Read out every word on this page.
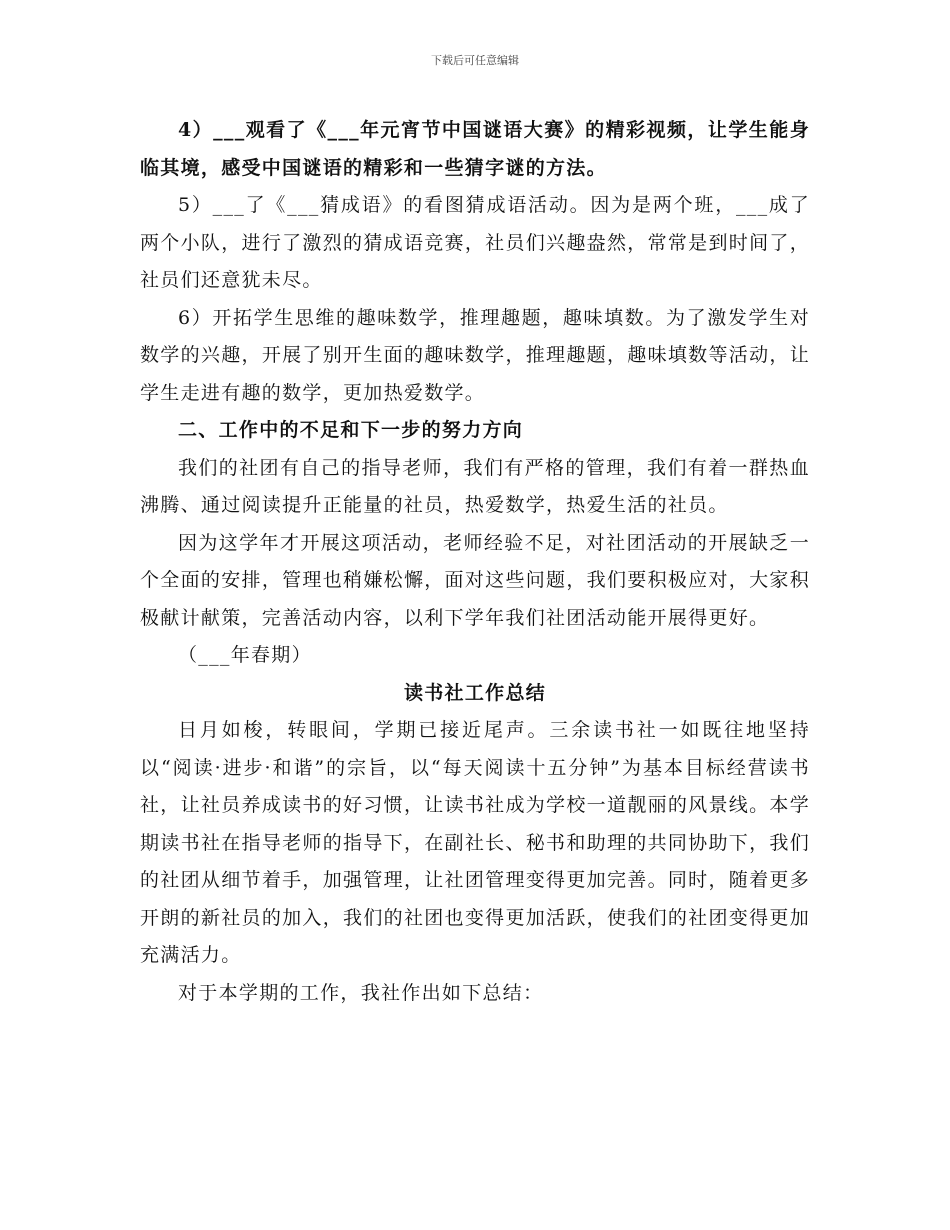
下载后可任意编辑

4）___观看了《___年元宵节中国谜语大赛》的精彩视频，让学生能身临其境，感受中国谜语的精彩和一些猜字谜的方法。

5）___了《___猜成语》的看图猜成语活动。因为是两个班，___成了两个小队，进行了激烈的猜成语竞赛，社员们兴趣盎然，常常是到时间了，社员们还意犹未尽。

6）开拓学生思维的趣味数学，推理趣题，趣味填数。为了激发学生对数学的兴趣，开展了别开生面的趣味数学，推理趣题，趣味填数等活动，让学生走进有趣的数学，更加热爱数学。

二、工作中的不足和下一步的努力方向

我们的社团有自己的指导老师，我们有严格的管理，我们有着一群热血沸腾、通过阅读提升正能量的社员，热爱数学，热爱生活的社员。

因为这学年才开展这项活动，老师经验不足，对社团活动的开展缺乏一个全面的安排，管理也稍嫌松懈，面对这些问题，我们要积极应对，大家积极献计献策，完善活动内容，以利下学年我们社团活动能开展得更好。

（___年春期）

读书社工作总结

日月如梭，转眼间，学期已接近尾声。三余读书社一如既往地坚持以“阅读·进步·和谐”的宗旨，以“每天阅读十五分钟”为基本目标经营读书社，让社员养成读书的好习惯，让读书社成为学校一道靓丽的风景线。本学期读书社在指导老师的指导下，在副社长、秘书和助理的共同协助下，我们的社团从细节着手，加强管理，让社团管理变得更加完善。同时，随着更多开朗的新社员的加入，我们的社团也变得更加活跃，使我们的社团变得更加充满活力。

对于本学期的工作，我社作出如下总结：
